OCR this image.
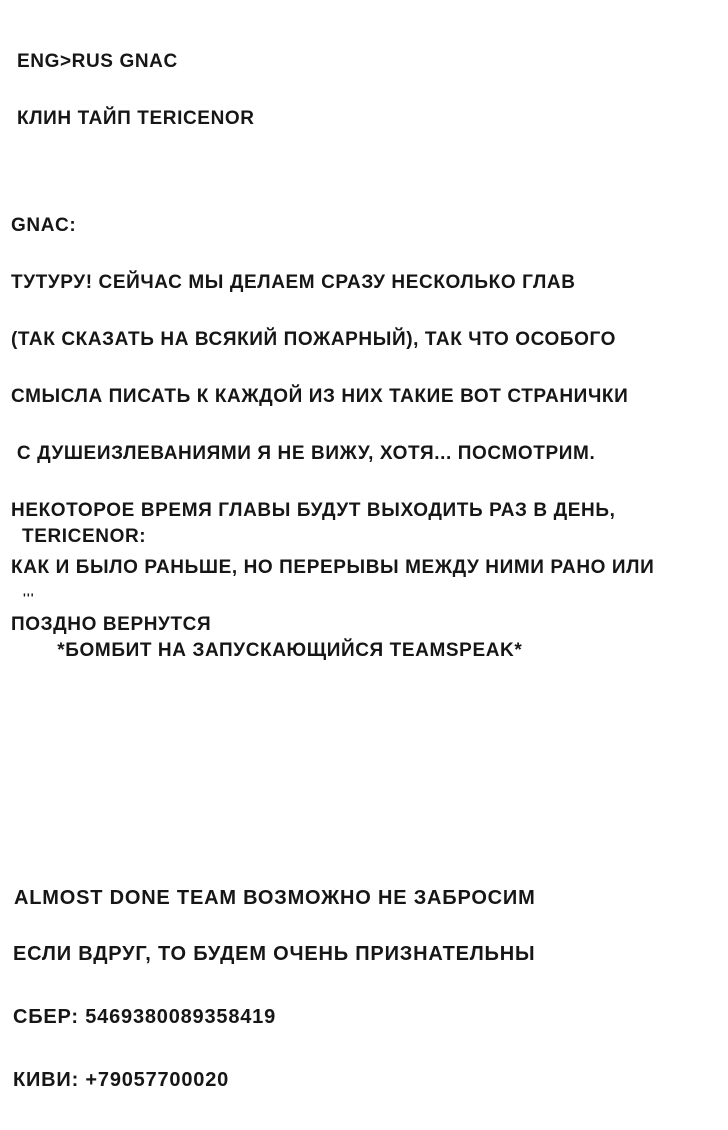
ENG>RUS GNAC

КЛИН ТАЙП TERICENOR

GNAC:

ТУТУРУ! СЕЙЧАС МЫ ДЕЛАЕМ СРАЗУ НЕСКОЛЬКО ГЛАВ

(ТАК СКАЗАТЬ НА ВСЯКИЙ ПОЖАРНЫЙ), ТАК ЧТО ОСОБОГО

СМЫСЛА ПИСАТЬ К КАЖДОЙ ИЗ НИХ ТАКИЕ ВОТ СТРАНИЧКИ

С ДУШЕИЗЛЕВАНИЯМИ Я НЕ ВИЖУ, ХОТЯ... ПОСМОТРИМ.

НЕКОТОРОЕ ВРЕМЯ ГЛАВЫ БУДУТ ВЫХОДИТЬ РАЗ В ДЕНЬ,

КАК И БЫЛО РАНЬШЕ, НО ПЕРЕРЫВЫ МЕЖДУ НИМИ РАНО ИЛИ

ПОЗДНО ВЕРНУТСЯ

TERICENOR:

'''

*БОМБИТ НА ЗАПУСКАЮЩИЙСЯ TEAMSPEAK*

ALMOST DONE TEAM ВОЗМОЖНО НЕ ЗАБРОСИМ

ЕСЛИ ВДРУГ, ТО БУДЕМ ОЧЕНЬ ПРИЗНАТЕЛЬНЫ

СБЕР: 5469380089358419

КИВИ: +79057700020
